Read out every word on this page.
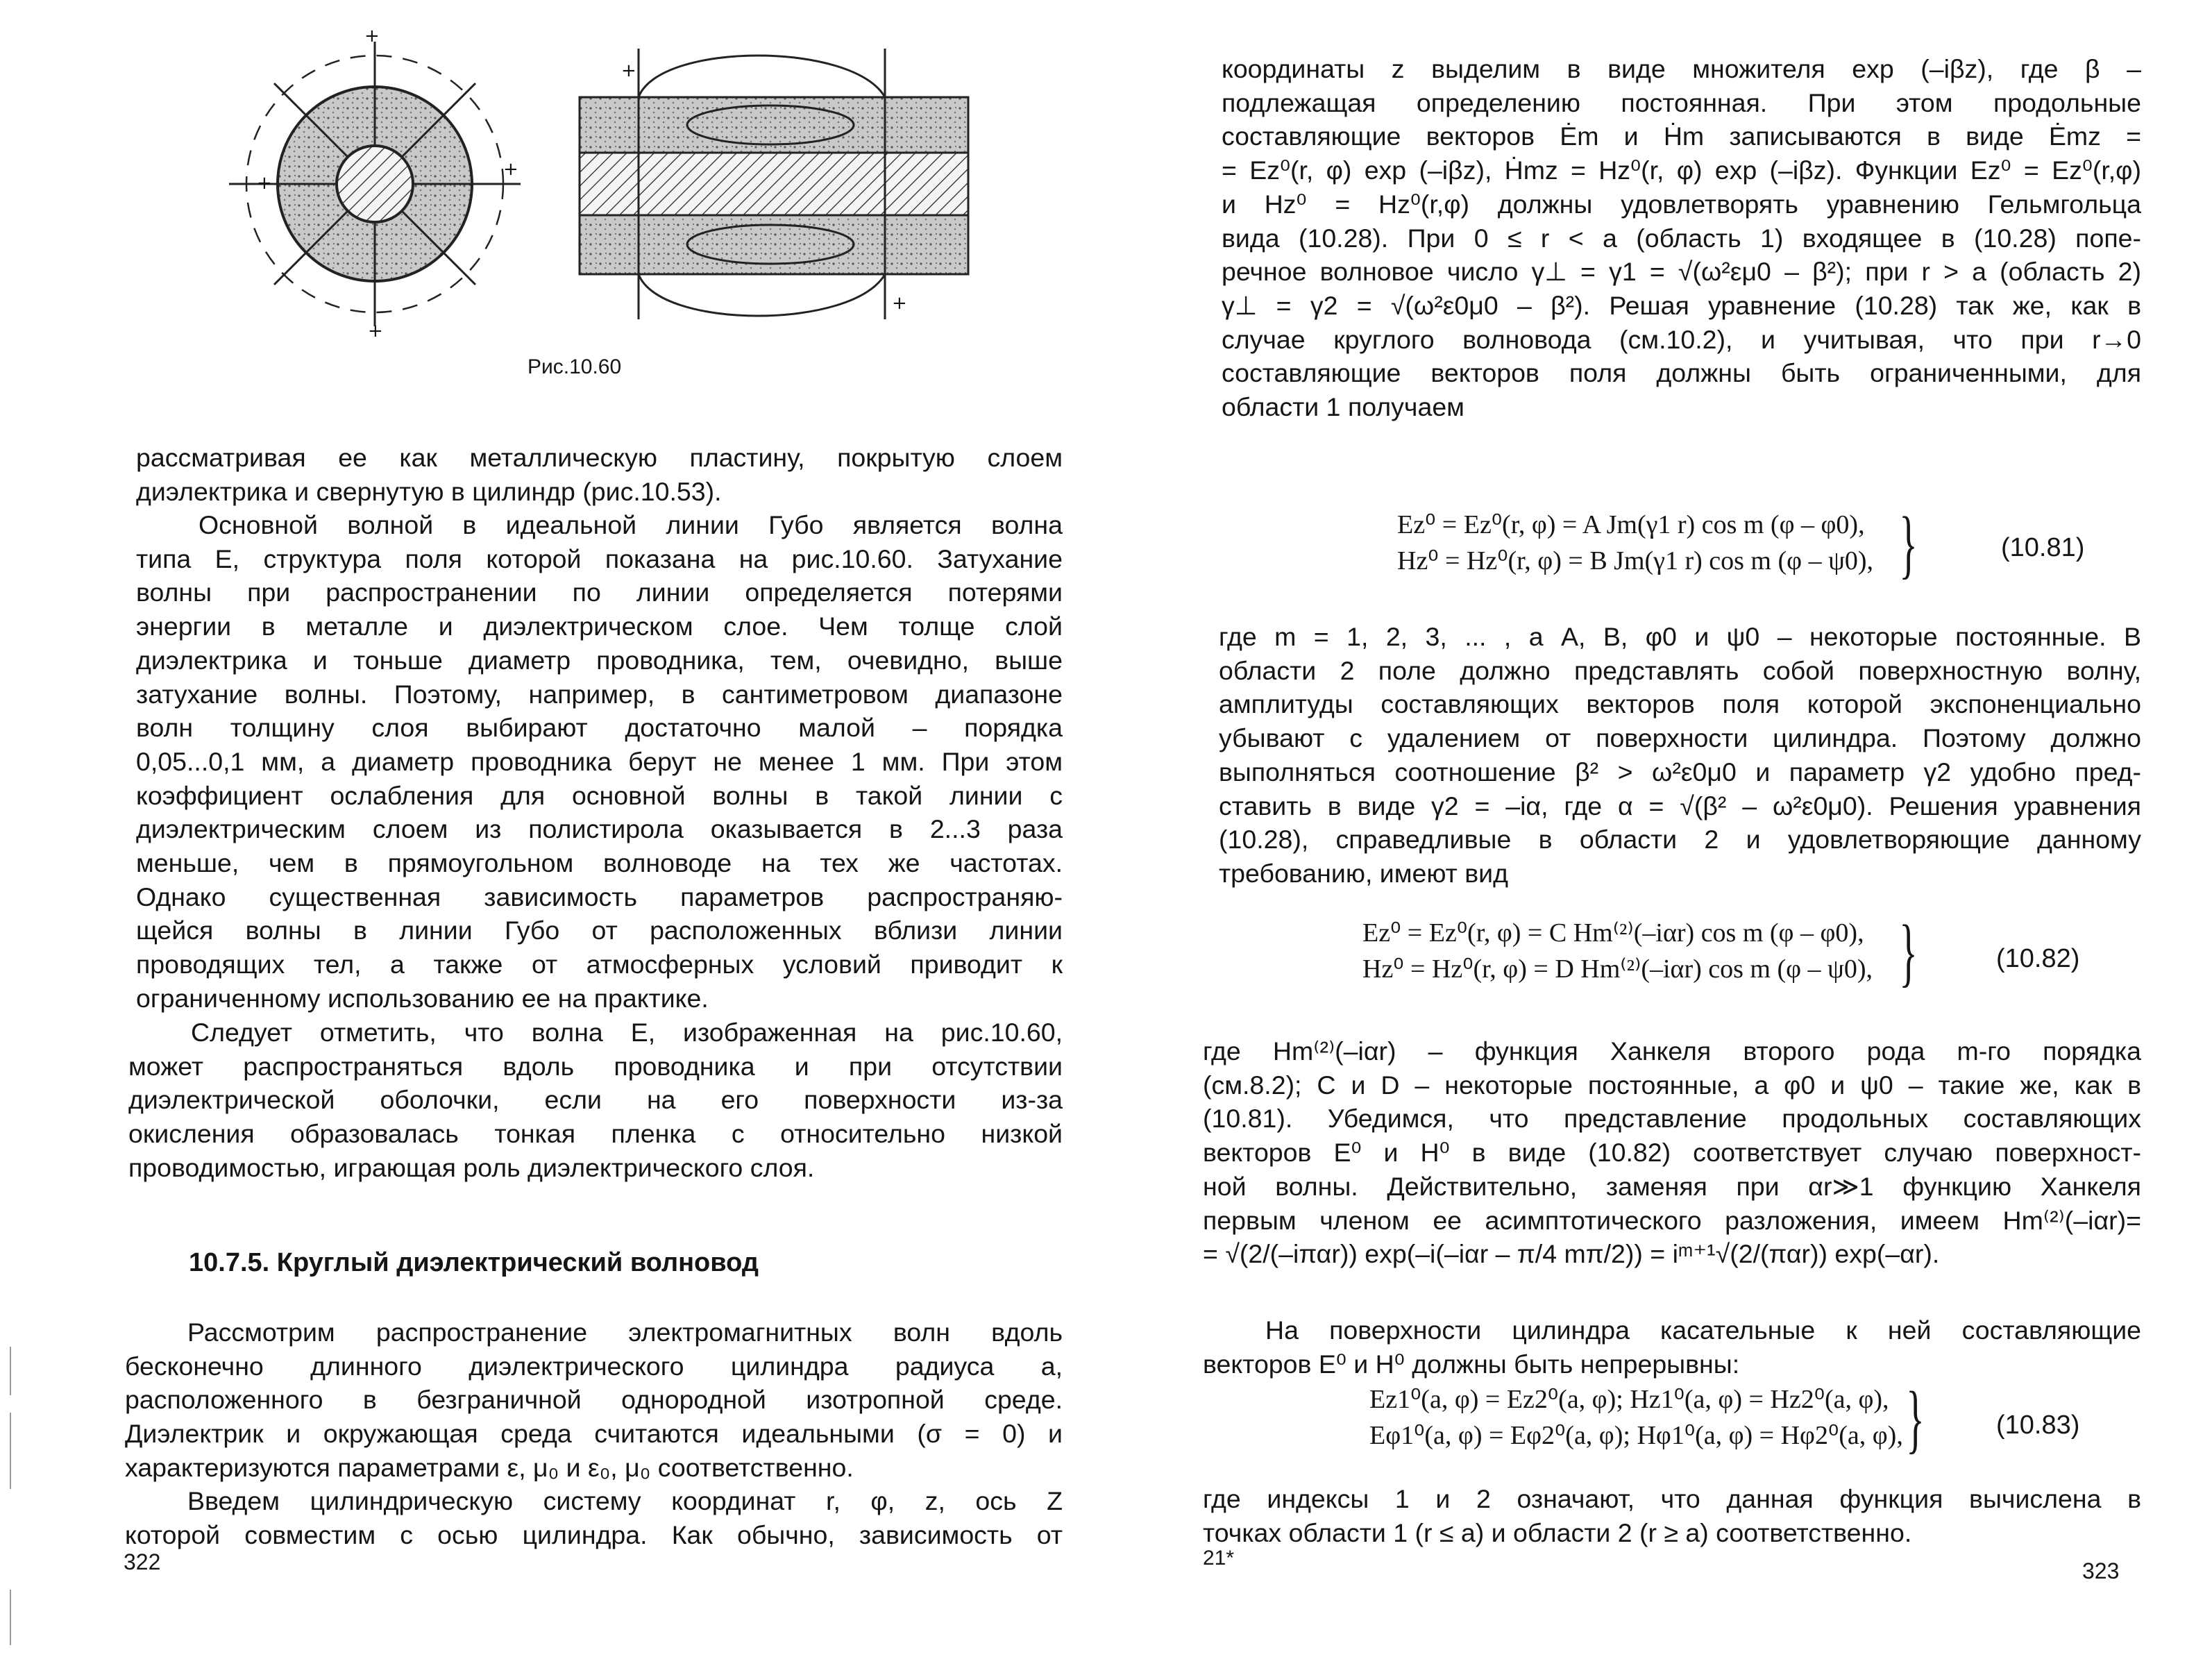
+
+
+
+
+
+
Рис.10.60
рассматривая ее как металлическую пластину, покрытую слоем
диэлектрика и свернутую в цилиндр (рис.10.53).
Основной волной в идеальной линии Губо является волна
типа E, структура поля которой показана на рис.10.60. Затухание
волны при распространении по линии определяется потерями
энергии в металле и диэлектрическом слое. Чем толще слой
диэлектрика и тоньше диаметр проводника, тем, очевидно, выше
затухание волны. Поэтому, например, в сантиметровом диапазоне
волн толщину слоя выбирают достаточно малой – порядка
0,05...0,1 мм, а диаметр проводника берут не менее 1 мм. При этом
коэффициент ослабления для основной волны в такой линии с
диэлектрическим слоем из полистирола оказывается в 2...3 раза
меньше, чем в прямоугольном волноводе на тех же частотах.
Однако существенная зависимость параметров распространяю-
щейся волны в линии Губо от расположенных вблизи линии
проводящих тел, а также от атмосферных условий приводит к
ограниченному использованию ее на практике.
Следует отметить, что волна E, изображенная на рис.10.60,
может распространяться вдоль проводника и при отсутствии
диэлектрической оболочки, если на его поверхности из-за
окисления образовалась тонкая пленка с относительно низкой
проводимостью, играющая роль диэлектрического слоя.
10.7.5. Круглый диэлектрический волновод
Рассмотрим распространение электромагнитных волн вдоль
бесконечно длинного диэлектрического цилиндра радиуса a,
расположенного в безграничной однородной изотропной среде.
Диэлектрик и окружающая среда считаются идеальными (σ = 0) и
характеризуются параметрами ε, μ₀ и ε₀, μ₀ соответственно.
Введем цилиндрическую систему координат r, φ, z, ось Z
которой совместим с осью цилиндра. Как обычно, зависимость от
322
координаты z выделим в виде множителя exp (–iβz), где β –
подлежащая определению постоянная. При этом продольные
составляющие векторов Ėm и Ḣm записываются в виде Ėmz =
= Ez⁰(r, φ) exp (–iβz), Ḣmz = Hz⁰(r, φ) exp (–iβz). Функции Ez⁰ = Ez⁰(r,φ)
и Hz⁰ = Hz⁰(r,φ) должны удовлетворять уравнению Гельмгольца
вида (10.28). При 0 ≤ r < a (область 1) входящее в (10.28) попе-
речное волновое число γ⊥ = γ1 = √(ω²εμ0 – β²); при r > a (область 2)
γ⊥ = γ2 = √(ω²ε0μ0 – β²). Решая уравнение (10.28) так же, как в
случае круглого волновода (см.10.2), и учитывая, что при r→0
составляющие векторов поля должны быть ограниченными, для
области 1 получаем
Ez⁰ = Ez⁰(r, φ) = A Jm(γ1 r) cos m (φ – φ0),
Hz⁰ = Hz⁰(r, φ) = B Jm(γ1 r) cos m (φ – ψ0), }	(10.81)
где m = 1, 2, 3, ... , а A, B, φ0 и ψ0 – некоторые постоянные. В
области 2 поле должно представлять собой поверхностную волну,
амплитуды составляющих векторов поля которой экспоненциально
убывают с удалением от поверхности цилиндра. Поэтому должно
выполняться соотношение β² > ω²ε0μ0 и параметр γ2 удобно пред-
ставить в виде γ2 = –iα, где α = √(β² – ω²ε0μ0). Решения уравнения
(10.28), справедливые в области 2 и удовлетворяющие данному
требованию, имеют вид
Ez⁰ = Ez⁰(r, φ) = C Hm⁽²⁾(–iαr) cos m (φ – φ0),
Hz⁰ = Hz⁰(r, φ) = D Hm⁽²⁾(–iαr) cos m (φ – ψ0), }	(10.82)
где Hm⁽²⁾(–iαr) – функция Ханкеля второго рода m-го порядка
(см.8.2); C и D – некоторые постоянные, а φ0 и ψ0 – такие же, как в
(10.81). Убедимся, что представление продольных составляющих
векторов E⁰ и H⁰ в виде (10.82) соответствует случаю поверхност-
ной волны. Действительно, заменяя при αr≫1 функцию Ханкеля
первым членом ее асимптотического разложения, имеем Hm⁽²⁾(–iαr)=
= √(2/(–iπαr)) exp(–i(–iαr – π/4 mπ/2)) = iᵐ⁺¹√(2/(παr)) exp(–αr).
На поверхности цилиндра касательные к ней составляющие
векторов E⁰ и H⁰ должны быть непрерывны:
Ez1⁰(a, φ) = Ez2⁰(a, φ); Hz1⁰(a, φ) = Hz2⁰(a, φ),
Eφ1⁰(a, φ) = Eφ2⁰(a, φ); Hφ1⁰(a, φ) = Hφ2⁰(a, φ), }	(10.83)
где индексы 1 и 2 означают, что данная функция вычислена в
точках области 1 (r ≤ a) и области 2 (r ≥ a) соответственно.
21*
323
